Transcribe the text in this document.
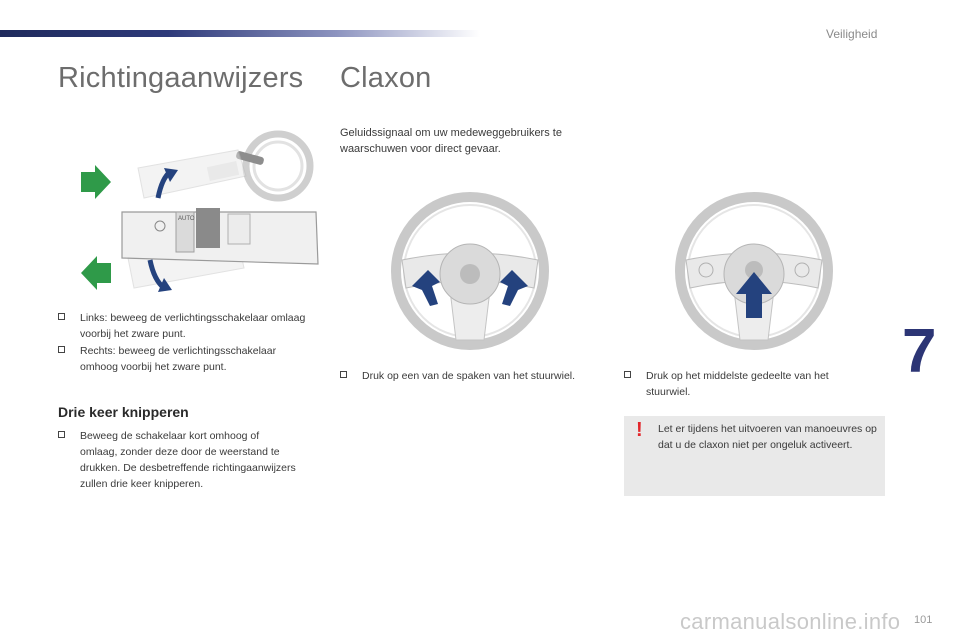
Veiligheid
Richtingaanwijzers Claxon
AUTO
Links: beweeg de verlichtingsschakelaar omlaag voorbij het zware punt.
Rechts: beweeg de verlichtingsschakelaar omhoog voorbij het zware punt.
Drie keer knipperen
Beweeg de schakelaar kort omhoog of omlaag, zonder deze door de weerstand te drukken. De desbetreffende richtingaanwijzers zullen drie keer knipperen.
Geluidssignaal om uw medeweggebruikers te waarschuwen voor direct gevaar.
Druk op een van de spaken van het stuurwiel.	Druk op het middelste gedeelte van het stuurwiel.
! Let er tijdens het uitvoeren van manoeuvres op dat u de claxon niet per ongeluk activeert.
7
carmanualsonline.info 101
